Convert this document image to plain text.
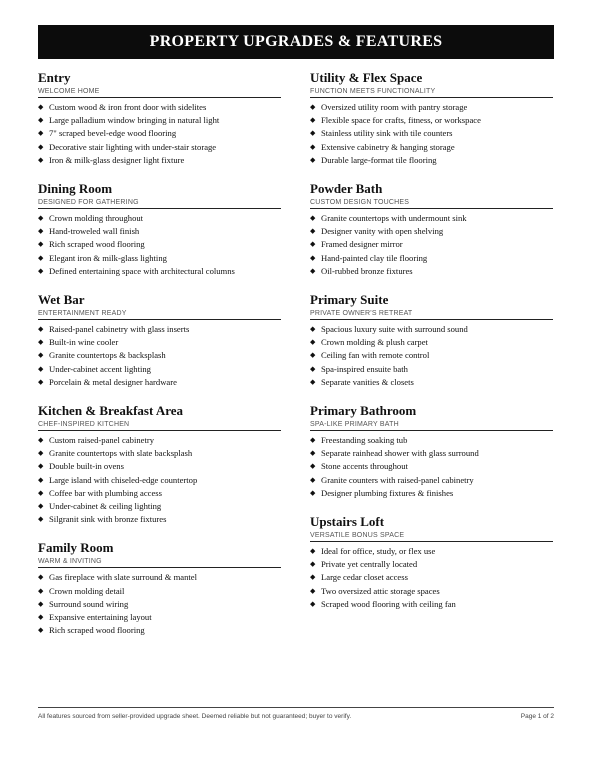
PROPERTY UPGRADES & FEATURES
Entry
WELCOME HOME
◆ Custom wood & iron front door with sidelites
◆ Large palladium window bringing in natural light
◆ 7" scraped bevel-edge wood flooring
◆ Decorative stair lighting with under-stair storage
◆ Iron & milk-glass designer light fixture
Dining Room
DESIGNED FOR GATHERING
◆ Crown molding throughout
◆ Hand-troweled wall finish
◆ Rich scraped wood flooring
◆ Elegant iron & milk-glass lighting
◆ Defined entertaining space with architectural columns
Wet Bar
ENTERTAINMENT READY
◆ Raised-panel cabinetry with glass inserts
◆ Built-in wine cooler
◆ Granite countertops & backsplash
◆ Under-cabinet accent lighting
◆ Porcelain & metal designer hardware
Kitchen & Breakfast Area
CHEF-INSPIRED KITCHEN
◆ Custom raised-panel cabinetry
◆ Granite countertops with slate backsplash
◆ Double built-in ovens
◆ Large island with chiseled-edge countertop
◆ Coffee bar with plumbing access
◆ Under-cabinet & ceiling lighting
◆ Silgranit sink with bronze fixtures
Family Room
WARM & INVITING
◆ Gas fireplace with slate surround & mantel
◆ Crown molding detail
◆ Surround sound wiring
◆ Expansive entertaining layout
◆ Rich scraped wood flooring
Utility & Flex Space
FUNCTION MEETS FUNCTIONALITY
◆ Oversized utility room with pantry storage
◆ Flexible space for crafts, fitness, or workspace
◆ Stainless utility sink with tile counters
◆ Extensive cabinetry & hanging storage
◆ Durable large-format tile flooring
Powder Bath
CUSTOM DESIGN TOUCHES
◆ Granite countertops with undermount sink
◆ Designer vanity with open shelving
◆ Framed designer mirror
◆ Hand-painted clay tile flooring
◆ Oil-rubbed bronze fixtures
Primary Suite
PRIVATE OWNER'S RETREAT
◆ Spacious luxury suite with surround sound
◆ Crown molding & plush carpet
◆ Ceiling fan with remote control
◆ Spa-inspired ensuite bath
◆ Separate vanities & closets
Primary Bathroom
SPA-LIKE PRIMARY BATH
◆ Freestanding soaking tub
◆ Separate rainhead shower with glass surround
◆ Stone accents throughout
◆ Granite counters with raised-panel cabinetry
◆ Designer plumbing fixtures & finishes
Upstairs Loft
VERSATILE BONUS SPACE
◆ Ideal for office, study, or flex use
◆ Private yet centrally located
◆ Large cedar closet access
◆ Two oversized attic storage spaces
◆ Scraped wood flooring with ceiling fan
All features sourced from seller-provided upgrade sheet. Deemed reliable but not guaranteed; buyer to verify.	Page 1 of 2
